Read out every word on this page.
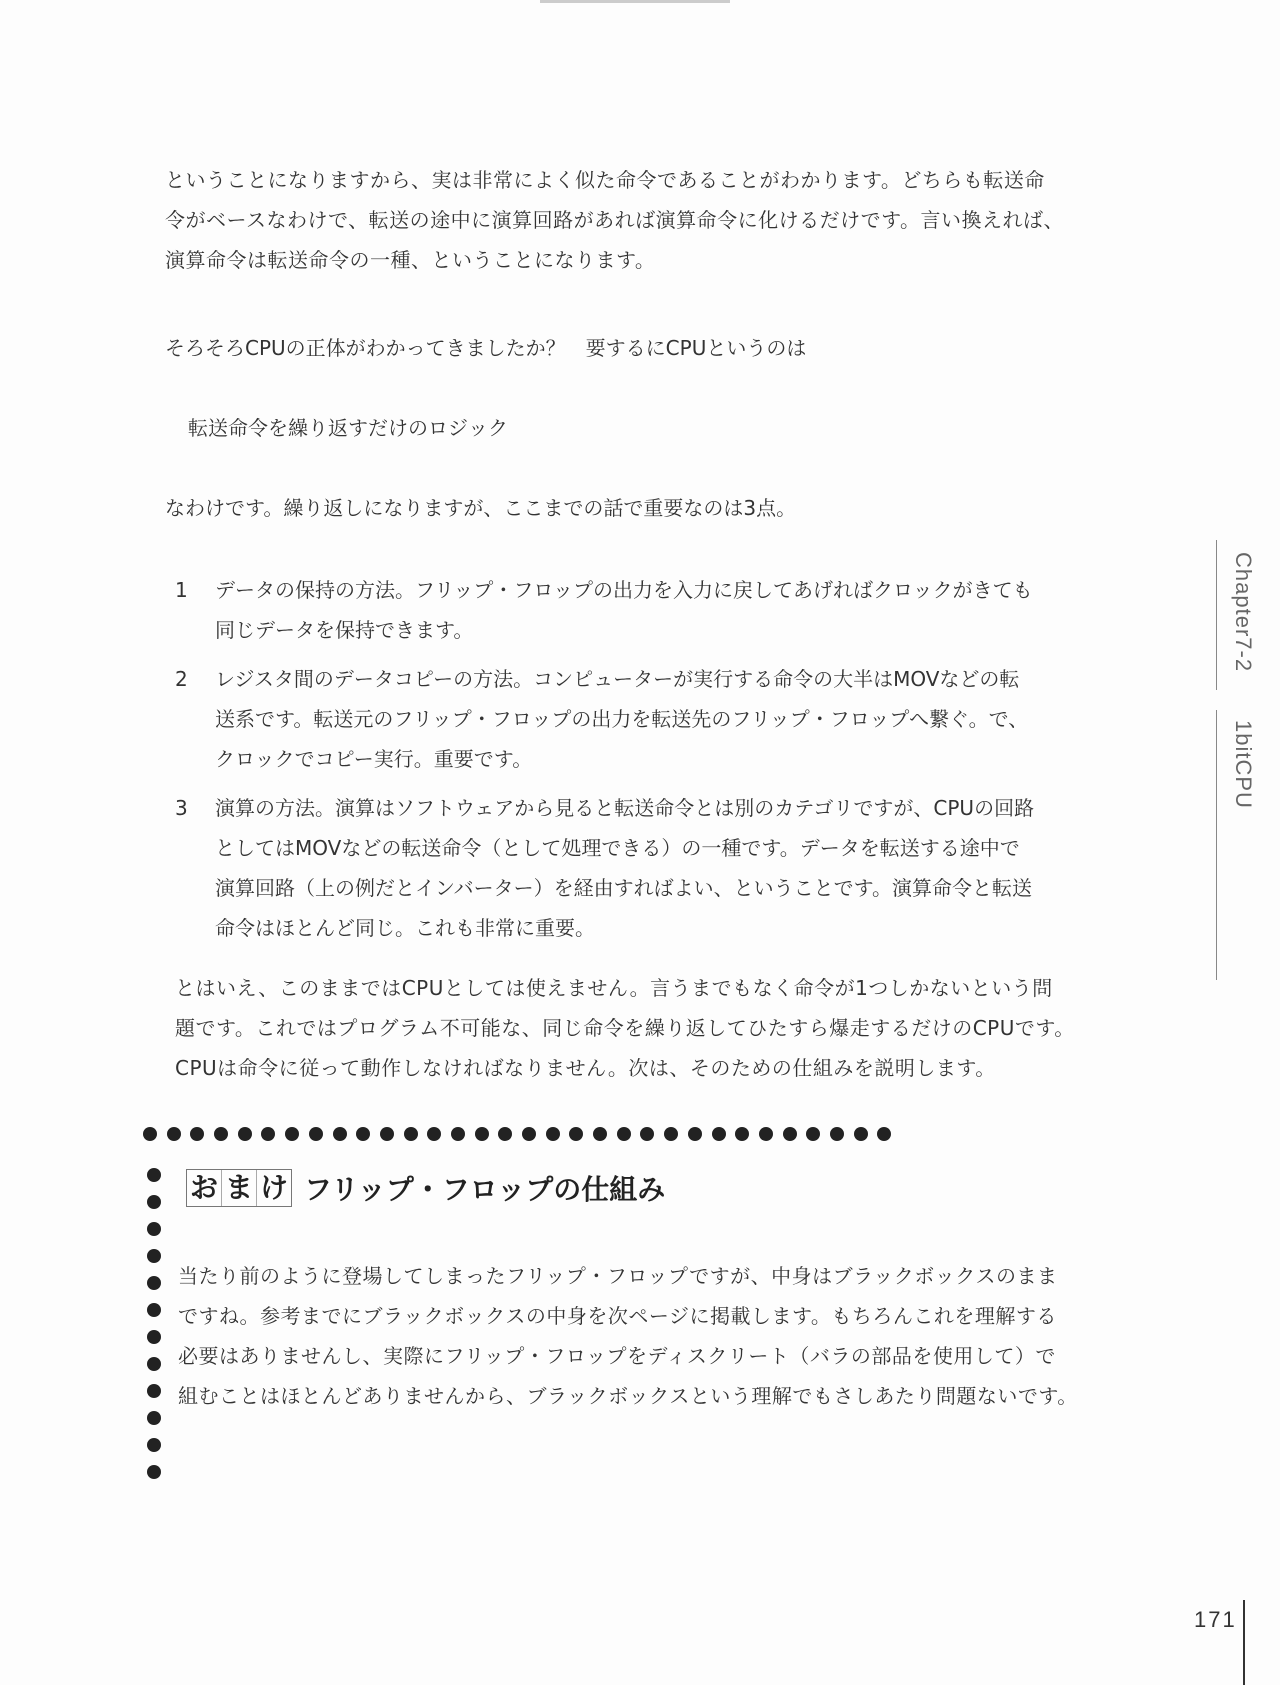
ということになりますから、実は非常によく似た命令であることがわかります。どちらも転送命
令がベースなわけで、転送の途中に演算回路があれば演算命令に化けるだけです。言い換えれば、
演算命令は転送命令の一種、ということになります。

そろそろCPUの正体がわかってきましたか？　要するにCPUというのは
転送命令を繰り返すだけのロジック
なわけです。繰り返しになりますが、ここまでの話で重要なのは3点。
1	データの保持の方法。フリップ・フロップの出力を入力に戻してあげればクロックがきても
同じデータを保持できます。
2	レジスタ間のデータコピーの方法。コンピューターが実行する命令の大半はMOVなどの転
送系です。転送元のフリップ・フロップの出力を転送先のフリップ・フロップへ繋ぐ。で、
クロックでコピー実行。重要です。
3	演算の方法。演算はソフトウェアから見ると転送命令とは別のカテゴリですが、CPUの回路
としてはMOVなどの転送命令（として処理できる）の一種です。データを転送する途中で
演算回路（上の例だとインバーター）を経由すればよい、ということです。演算命令と転送
命令はほとんど同じ。これも非常に重要。

とはいえ、このままではCPUとしては使えません。言うまでもなく命令が1つしかないという問
題です。これではプログラム不可能な、同じ命令を繰り返してひたすら爆走するだけのCPUです。
CPUは命令に従って動作しなければなりません。次は、そのための仕組みを説明します。

お ま け フリップ・フロップの仕組み

当たり前のように登場してしまったフリップ・フロップですが、中身はブラックボックスのまま
ですね。参考までにブラックボックスの中身を次ページに掲載します。もちろんこれを理解する
必要はありませんし、実際にフリップ・フロップをディスクリート（バラの部品を使用して）で
組むことはほとんどありませんから、ブラックボックスという理解でもさしあたり問題ないです。

Chapter7-2
1bitCPU
171
